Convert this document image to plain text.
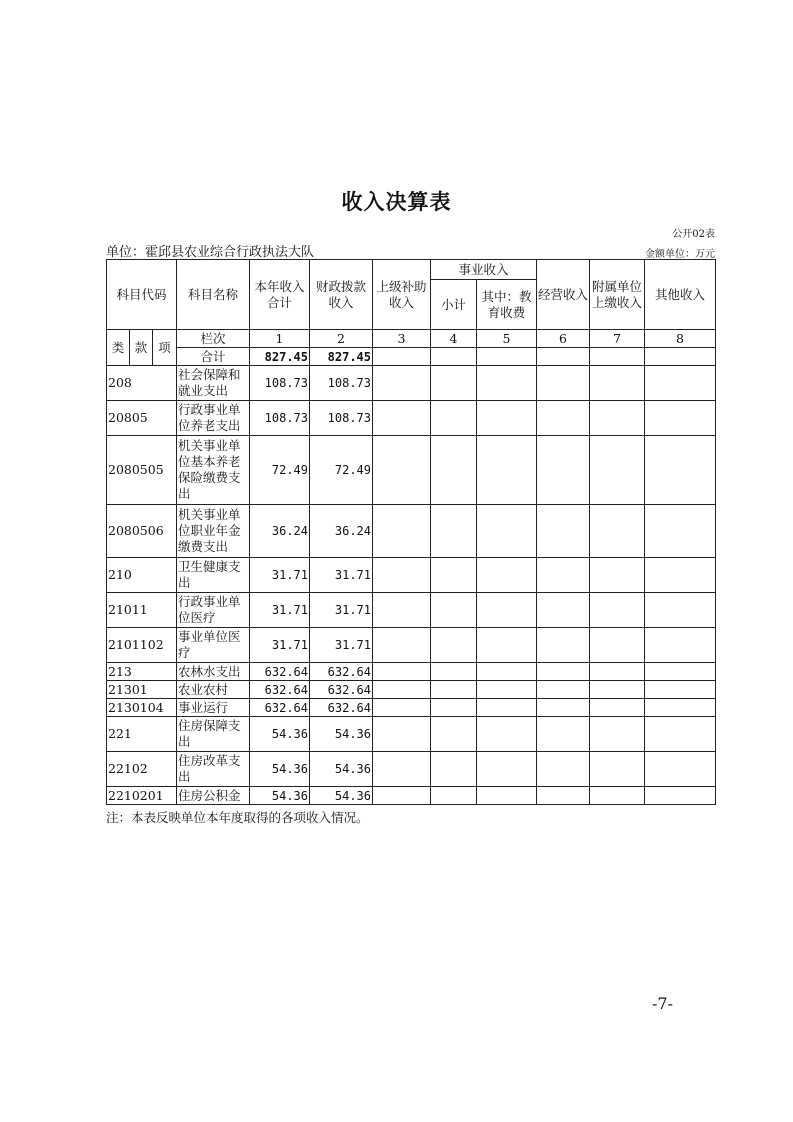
收入决算表
公开02表
单位：霍邱县农业综合行政执法大队	金额单位：万元
科目代码			科目名称	本年收入合计	财政拨款收入	上级补助收入	事业收入		经营收入	附属单位上缴收入	其他收入
							小计	其中：教育收费			

类	款	项	栏次	1	2	3	4	5	6	7	8
			合计	827.45	827.45						
208			社会保障和就业支出	108.73	108.73						
20805			行政事业单位养老支出	108.73	108.73						
2080505			机关事业单位基本养老保险缴费支出	72.49	72.49						
2080506			机关事业单位职业年金缴费支出	36.24	36.24						
210			卫生健康支出	31.71	31.71						
21011			行政事业单位医疗	31.71	31.71						
2101102			事业单位医疗	31.71	31.71						
213			农林水支出	632.64	632.64						
21301			农业农村	632.64	632.64						
2130104			事业运行	632.64	632.64						
221			住房保障支出	54.36	54.36						
22102			住房改革支出	54.36	54.36						
2210201			住房公积金	54.36	54.36						
注：本表反映单位本年度取得的各项收入情况。
-7-
